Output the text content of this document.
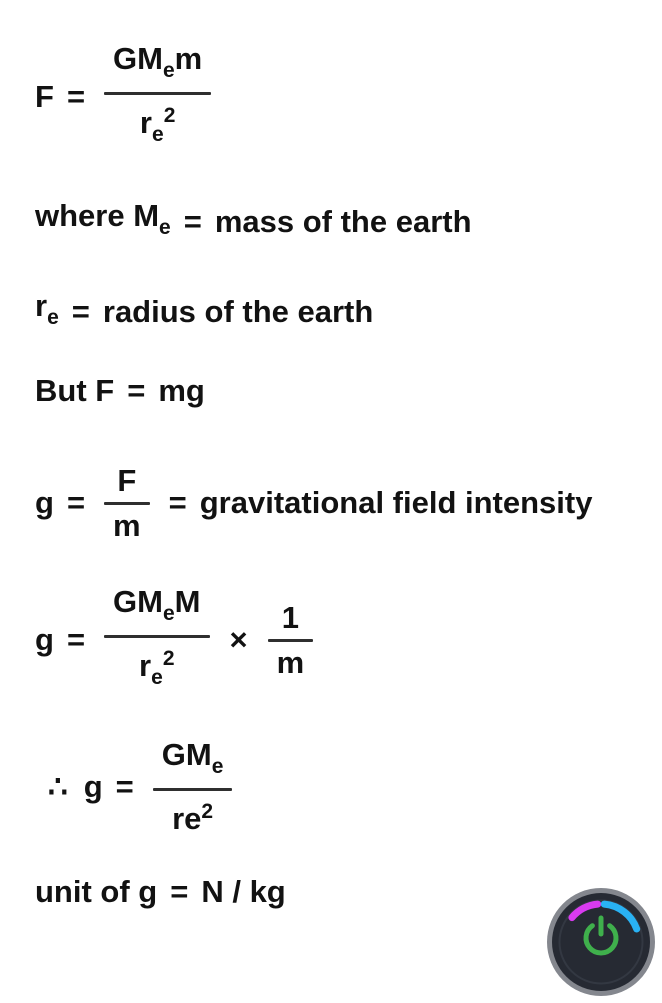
$F = \frac{GM_em}{r_e^2}$
where $M_e$ = mass of the earth
$r_e$ = radius of the earth
But F = mg
$g = \frac{F}{m}$ = gravitational field intensity
$g = \frac{GM_eM}{r_e^2} \times \frac{1}{m}$
∴ $g = \frac{GM_e}{re^2}$
unit of g = N / kg
